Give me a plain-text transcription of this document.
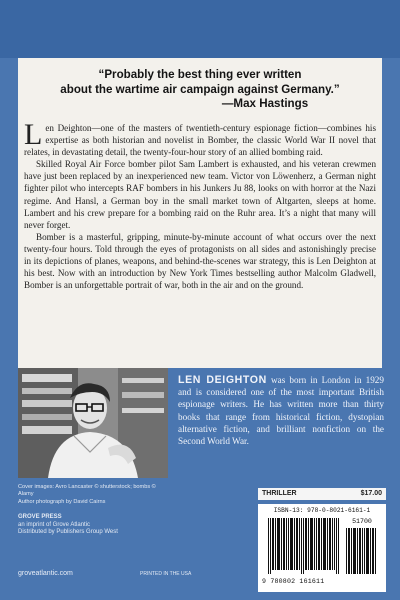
“Probably the best thing ever written
about the wartime air campaign against Germany.”

—Max Hastings

Len Deighton—one of the masters of twentieth-century espionage fiction—combines his expertise as both historian and novelist in Bomber, the classic World War II novel that relates, in devastating detail, the twenty-four-hour story of an allied bombing raid.

Skilled Royal Air Force bomber pilot Sam Lambert is exhausted, and his veteran crewmen have just been replaced by an inexperienced new team. Victor von Löwenherz, a German night fighter pilot who intercepts RAF bombers in his Junkers Ju 88, looks on with horror at the Nazi regime. And Hansl, a German boy in the small market town of Altgarten, sleeps at home. Lambert and his crew prepare for a bombing raid on the Ruhr area. It’s a night that many will never forget.

Bomber is a masterful, gripping, minute-by-minute account of what occurs over the next twenty-four hours. Told through the eyes of protagonists on all sides and astonishingly precise in its depictions of planes, weapons, and behind-the-scenes war strategy, this is Len Deighton at his best. Now with an introduction by New York Times bestselling author Malcolm Gladwell, Bomber is an unforgettable portrait of war, both in the air and on the ground.

LEN DEIGHTON was born in London in 1929 and is considered one of the most important British espionage writers. He has written more than thirty books that range from historical fiction, dystopian alternative fiction, and brilliant nonfiction on the Second World War.
Cover images: Avro Lancaster © shutterstock; bombs © Alamy
Author photograph by David Cairns
GROVE PRESS
an imprint of Grove Atlantic
Distributed by Publishers Group West
groveatlantic.com	PRINTED IN THE USA
THRILLER	$17.00
ISBN-13: 978-0-8021-6161-1
51700
9 780802 161611
